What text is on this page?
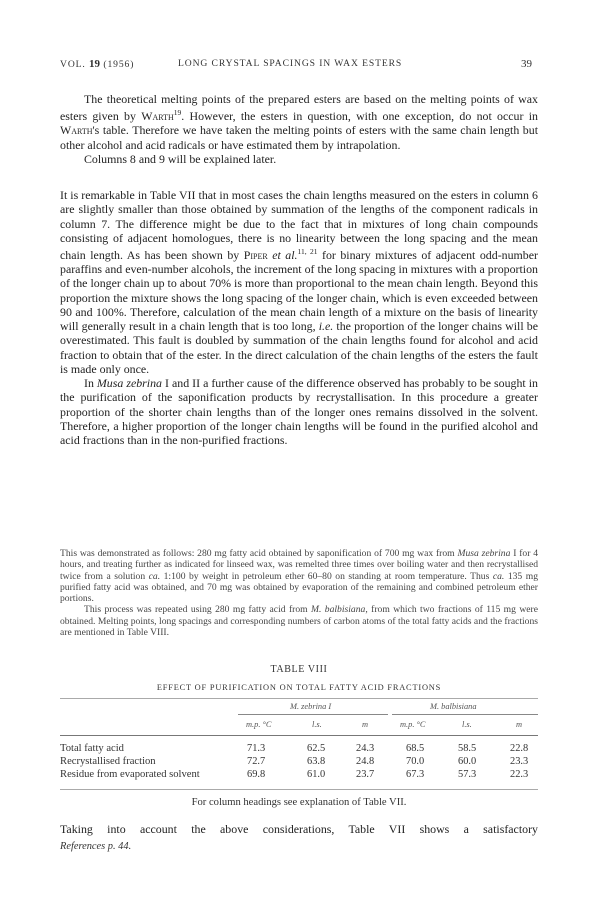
VOL. 19 (1956)	LONG CRYSTAL SPACINGS IN WAX ESTERS	39

The theoretical melting points of the prepared esters are based on the melting points of wax esters given by Warth$^{19}$. However, the esters in question, with one exception, do not occur in Warth's table. Therefore we have taken the melting points of esters with the same chain length but other alcohol and acid radicals or have estimated them by intrapolation.

Columns 8 and 9 will be explained later.

It is remarkable in Table VII that in most cases the chain lengths measured on the esters in column 6 are slightly smaller than those obtained by summation of the lengths of the component radicals in column 7. The difference might be due to the fact that in mixtures of long chain compounds consisting of adjacent homologues, there is no linearity between the long spacing and the mean chain length. As has been shown by Piper et al.$^{11, 21}$ for binary mixtures of adjacent odd-number paraffins and even-number alcohols, the increment of the long spacing in mixtures with a proportion of the longer chain up to about 70% is more than proportional to the mean chain length. Beyond this proportion the mixture shows the long spacing of the longer chain, which is even exceeded between 90 and 100%. Therefore, calculation of the mean chain length of a mixture on the basis of linearity will generally result in a chain length that is too long, i.e. the proportion of the longer chains will be overestimated. This fault is doubled by summation of the chain lengths found for alcohol and acid fraction to obtain that of the ester. In the direct calculation of the chain lengths of the esters the fault is made only once.

In Musa zebrina I and II a further cause of the difference observed has probably to be sought in the purification of the saponification products by recrystallisation. In this procedure a greater proportion of the shorter chain lengths than of the longer ones remains dissolved in the solvent. Therefore, a higher proportion of the longer chain lengths will be found in the purified alcohol and acid fractions than in the non-purified fractions.

This was demonstrated as follows: 280 mg fatty acid obtained by saponification of 700 mg wax from Musa zebrina I for 4 hours, and treating further as indicated for linseed wax, was remelted three times over boiling water and then recrystallised twice from a solution ca. 1:100 by weight in petroleum ether 60–80 on standing at room temperature. Thus ca. 135 mg purified fatty acid was obtained, and 70 mg was obtained by evaporation of the remaining and combined petroleum ether portions.

This process was repeated using 280 mg fatty acid from M. balbisiana, from which two fractions of 115 mg were obtained. Melting points, long spacings and corresponding numbers of carbon atoms of the total fatty acids and the fractions are mentioned in Table VIII.

TABLE VIII
EFFECT OF PURIFICATION ON TOTAL FATTY ACID FRACTIONS
M. zebrina I	M. balbisiana
m.p. °C	l.s.	m	m.p. °C	l.s.	m
Total fatty acid	71.3	62.5	24.3	68.5	58.5	22.8
Recrystallised fraction	72.7	63.8	24.8	70.0	60.0	23.3
Residue from evaporated solvent	69.8	61.0	23.7	67.3	57.3	22.3
For column headings see explanation of Table VII.
Taking into account the above considerations, Table VII shows a satisfactory
References p. 44.
